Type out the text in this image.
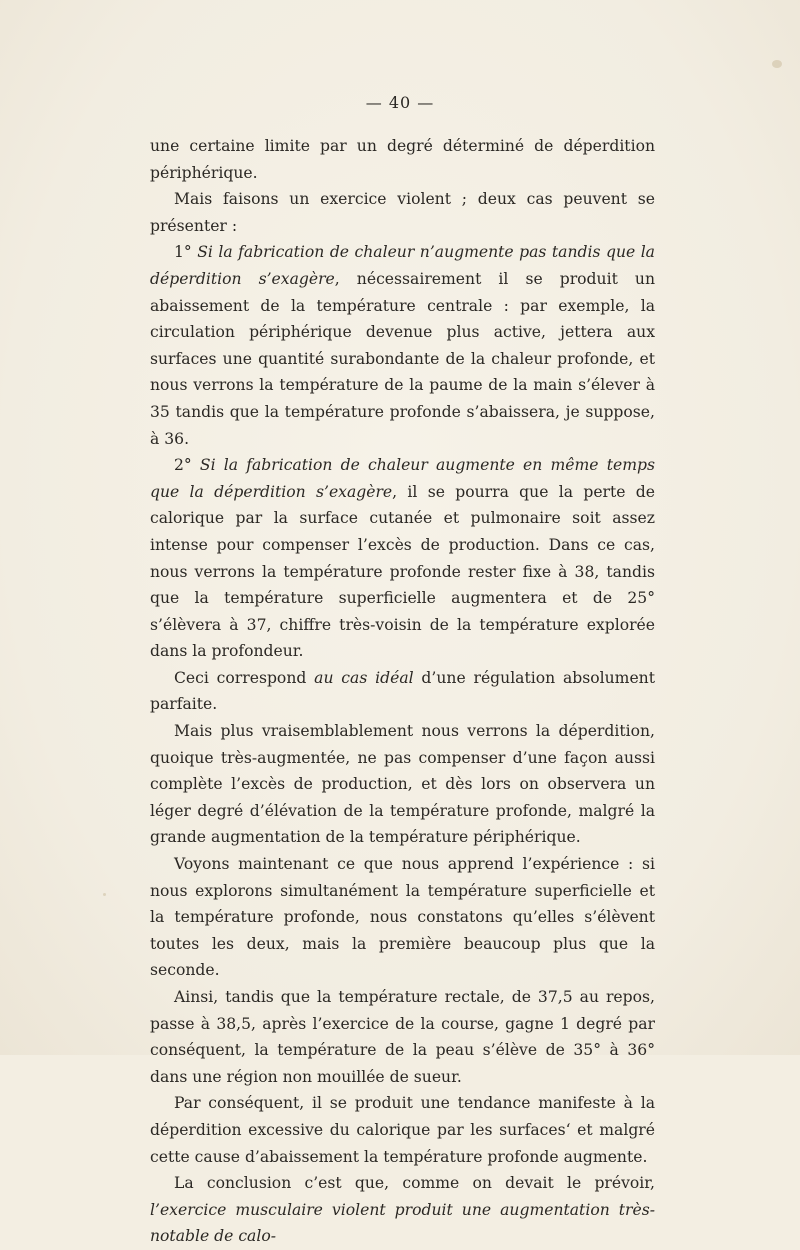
— 40 —

une certaine limite par un degré déterminé de déperdition périphérique.

Mais faisons un exercice violent ; deux cas peuvent se présenter :

1° Si la fabrication de chaleur n’augmente pas tandis que la déperdition s’exagère, nécessairement il se produit un abaissement de la température centrale : par exemple, la circulation périphérique devenue plus active, jettera aux surfaces une quantité surabondante de la chaleur profonde, et nous verrons la température de la paume de la main s’élever à 35 tandis que la température profonde s’abaissera, je suppose, à 36.

2° Si la fabrication de chaleur augmente en même temps que la déperdition s’exagère, il se pourra que la perte de calorique par la surface cutanée et pulmonaire soit assez intense pour compenser l’excès de production. Dans ce cas, nous verrons la température profonde rester fixe à 38, tandis que la température superficielle augmentera et de 25° s’élèvera à 37, chiffre très-voisin de la température explorée dans la profondeur.

Ceci correspond au cas idéal d’une régulation absolument parfaite.

Mais plus vraisemblablement nous verrons la déperdition, quoique très-augmentée, ne pas compenser d’une façon aussi complète l’excès de production, et dès lors on observera un léger degré d’élévation de la température profonde, malgré la grande augmentation de la température périphérique.

Voyons maintenant ce que nous apprend l’expérience : si nous explorons simultanément la température superficielle et la température profonde, nous constatons qu’elles s’élèvent toutes les deux, mais la première beaucoup plus que la seconde.

Ainsi, tandis que la température rectale, de 37,5 au repos, passe à 38,5, après l’exercice de la course, gagne 1 degré par conséquent, la température de la peau s’élève de 35° à 36° dans une région non mouillée de sueur.

Par conséquent, il se produit une tendance manifeste à la déperdition excessive du calorique par les surfaces‘ et malgré cette cause d’abaissement la température profonde augmente.

La conclusion c’est que, comme on devait le prévoir, l’exercice musculaire violent produit une augmentation très-notable de calo-
